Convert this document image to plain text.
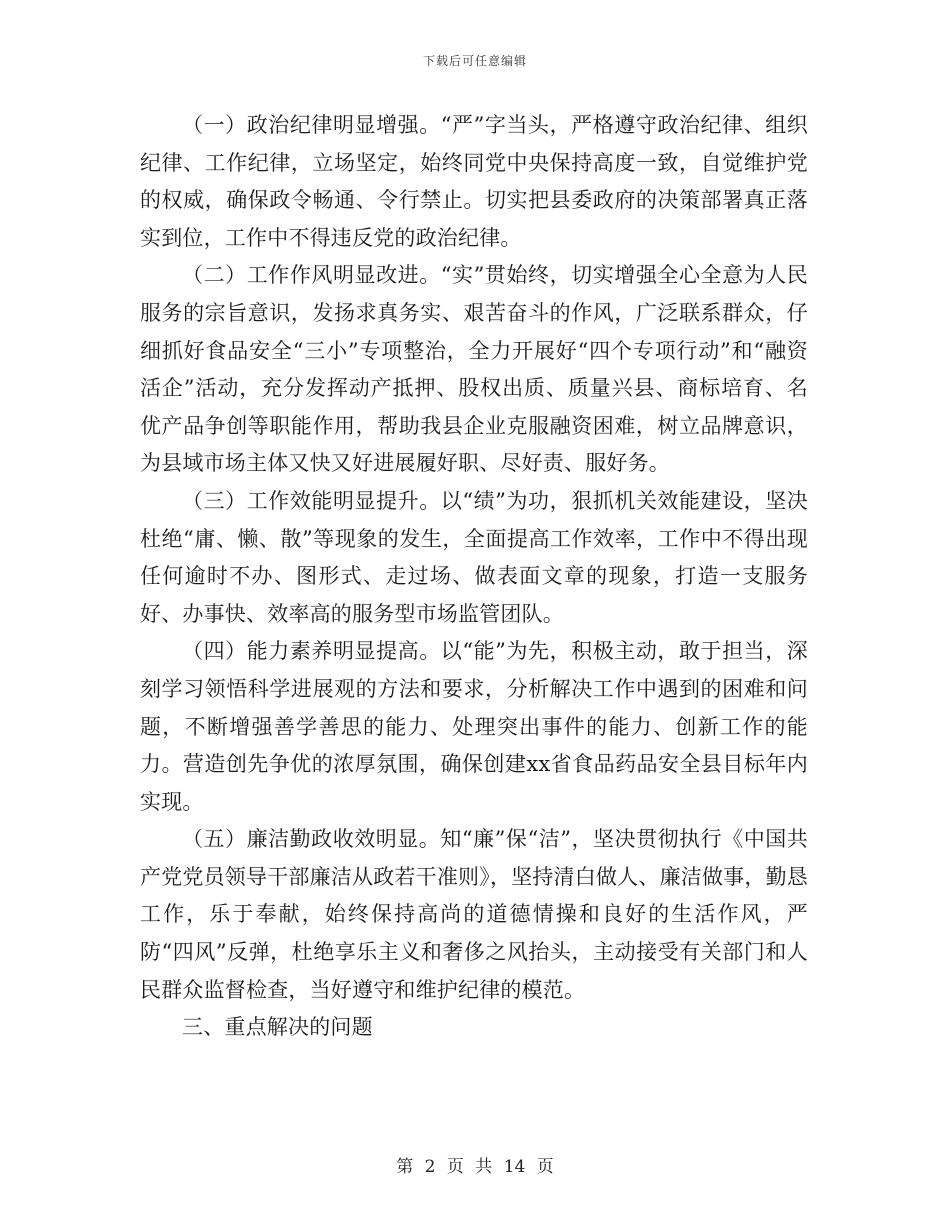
下载后可任意编辑

（一）政治纪律明显增强。“严”字当头，严格遵守政治纪律、组织纪律、工作纪律，立场坚定，始终同党中央保持高度一致，自觉维护党的权威，确保政令畅通、令行禁止。切实把县委政府的决策部署真正落实到位，工作中不得违反党的政治纪律。

（二）工作作风明显改进。“实”贯始终，切实增强全心全意为人民服务的宗旨意识，发扬求真务实、艰苦奋斗的作风，广泛联系群众，仔细抓好食品安全“三小”专项整治，全力开展好“四个专项行动”和“融资活企”活动，充分发挥动产抵押、股权出质、质量兴县、商标培育、名优产品争创等职能作用，帮助我县企业克服融资困难，树立品牌意识，为县域市场主体又快又好进展履好职、尽好责、服好务。

（三）工作效能明显提升。以“绩”为功，狠抓机关效能建设，坚决杜绝“庸、懒、散”等现象的发生，全面提高工作效率，工作中不得出现任何逾时不办、图形式、走过场、做表面文章的现象，打造一支服务好、办事快、效率高的服务型市场监管团队。

（四）能力素养明显提高。以“能”为先，积极主动，敢于担当，深刻学习领悟科学进展观的方法和要求，分析解决工作中遇到的困难和问题，不断增强善学善思的能力、处理突出事件的能力、创新工作的能力。营造创先争优的浓厚氛围，确保创建xx省食品药品安全县目标年内实现。

（五）廉洁勤政收效明显。知“廉”保“洁”，坚决贯彻执行《中国共产党党员领导干部廉洁从政若干准则》，坚持清白做人、廉洁做事，勤恳工作，乐于奉献，始终保持高尚的道德情操和良好的生活作风，严防“四风”反弹，杜绝享乐主义和奢侈之风抬头，主动接受有关部门和人民群众监督检查，当好遵守和维护纪律的模范。

三、重点解决的问题

第 2 页 共 14 页
